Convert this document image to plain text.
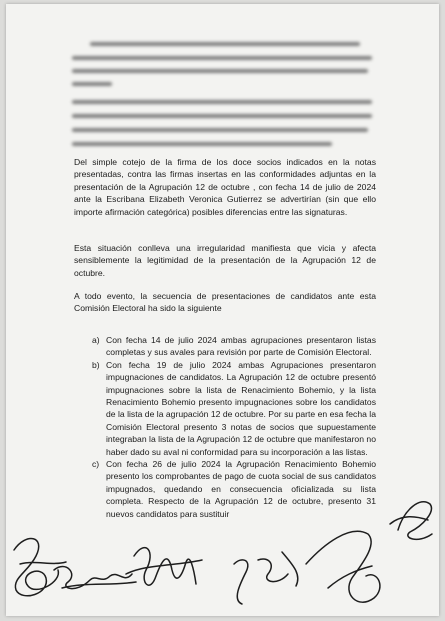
Del simple cotejo de la firma de los doce socios indicados en la notas presentadas, contra las firmas insertas en las conformidades adjuntas en la presentación de la Agrupación 12 de octubre , con fecha 14 de julio de 2024 ante la Escribana Elizabeth Veronica Gutierrez se advertirían (sin que ello importe afirmación categórica) posibles diferencias entre las signaturas.

Esta situación conlleva una irregularidad manifiesta que vicia y afecta sensiblemente la legitimidad de la presentación de la Agrupación 12 de octubre.

A todo evento, la secuencia de presentaciones de candidatos ante esta Comisión Electoral ha sido la siguiente

a) Con fecha 14 de julio 2024 ambas agrupaciones presentaron listas completas y sus avales para revisión por parte de Comisión Electoral.
b) Con fecha 19 de julio 2024 ambas Agrupaciones presentaron impugnaciones de candidatos. La Agrupación 12 de octubre presentó impugnaciones sobre la lista de Renacimiento Bohemio, y la lista Renacimiento Bohemio presento impugnaciones sobre los candidatos de la lista de la agrupación 12 de octubre. Por su parte en esa fecha la Comisión Electoral presento 3 notas de socios que supuestamente integraban la lista de la Agrupación 12 de octubre que manifestaron no haber dado su aval ni conformidad para su incorporación a las listas.
c) Con fecha 26 de julio 2024 la Agrupación Renacimiento Bohemio presento los comprobantes de pago de cuota social de sus candidatos impugnados, quedando en consecuencia oficializada su lista completa. Respecto de la Agrupación 12 de octubre, presento 31 nuevos candidatos para sustituir
